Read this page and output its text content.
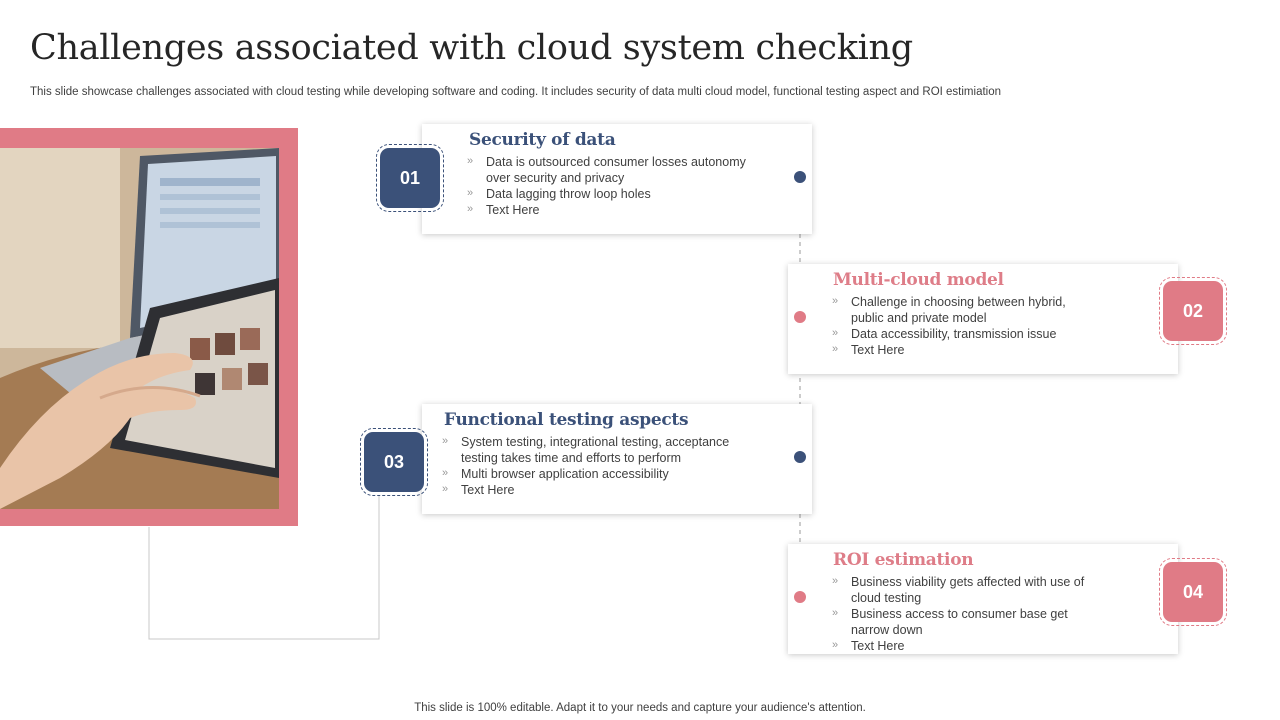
Challenges associated with cloud system checking

This slide showcase challenges associated with cloud testing while developing software and coding. It includes security of data multi cloud model, functional testing aspect and ROI estimiation

Security of data
» Data is outsourced consumer losses autonomy over security and privacy
» Data lagging throw loop holes
» Text Here
01
Multi-cloud model
» Challenge in choosing between hybrid, public and private model
» Data accessibility, transmission issue
» Text Here
02
Functional testing aspects
» System testing, integrational testing, acceptance testing takes time and efforts to perform
» Multi browser application accessibility
» Text Here
03
ROI estimation
» Business viability gets affected with use of cloud testing
» Business access to consumer base get narrow down
» Text Here
04
This slide is 100% editable. Adapt it to your needs and capture your audience's attention.
